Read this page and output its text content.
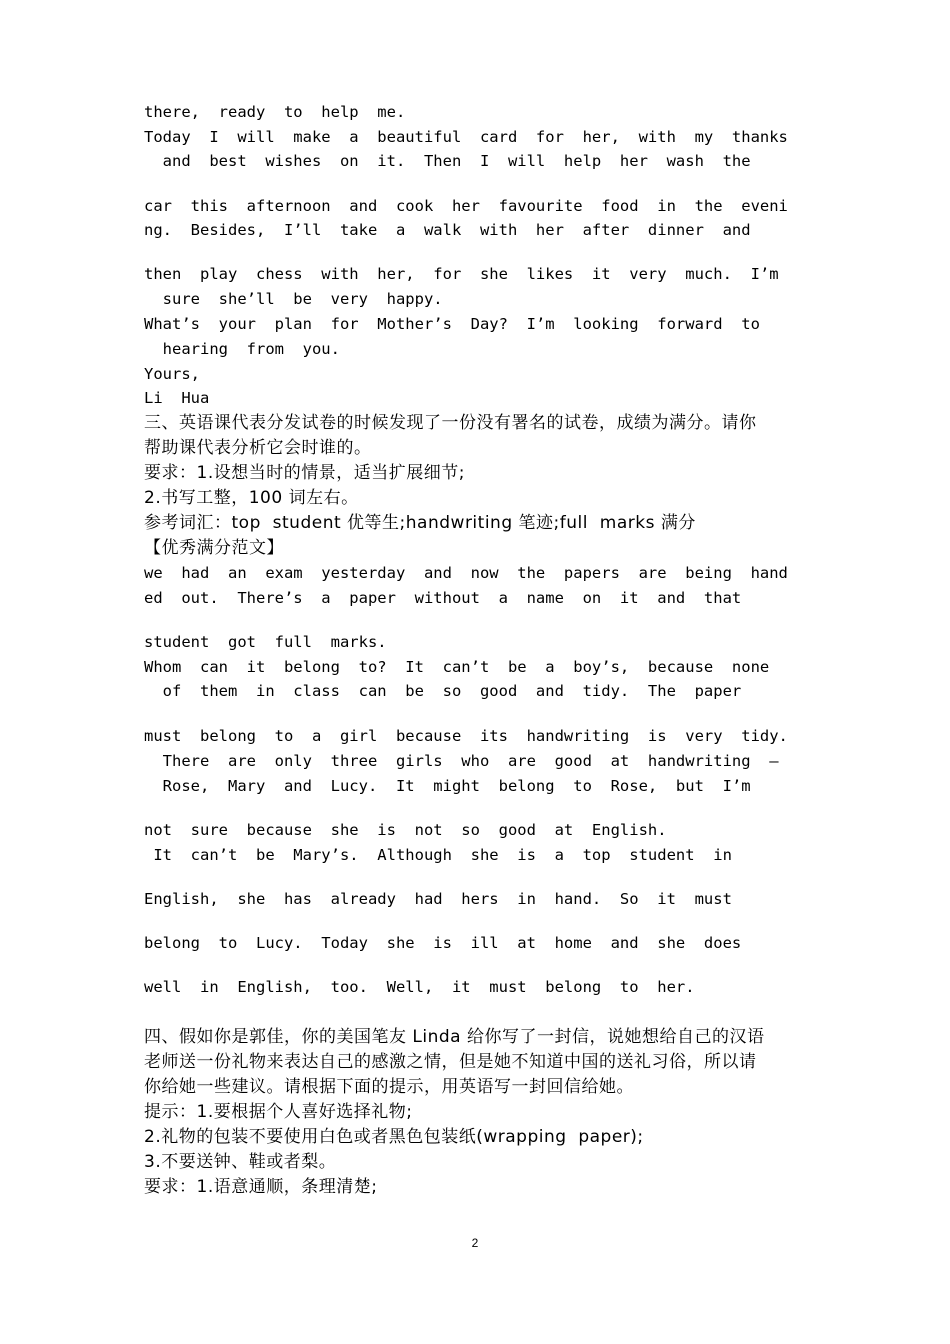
there,  ready  to  help  me.
Today  I  will  make  a  beautiful  card  for  her,  with  my  thanks
and  best  wishes  on  it.  Then  I  will  help  her  wash  the
car  this  afternoon  and  cook  her  favourite  food  in  the  eveni
ng.  Besides,  I’ll  take  a  walk  with  her  after  dinner  and
then  play  chess  with  her,  for  she  likes  it  very  much.  I’m
sure  she’ll  be  very  happy.
What’s  your  plan  for  Mother’s  Day?  I’m  looking  forward  to
hearing  from  you.
Yours,
Li  Hua
三、英语课代表分发试卷的时候发现了一份没有署名的试卷，成绩为满分。请你
帮助课代表分析它会时谁的。
要求：1.设想当时的情景，适当扩展细节;
2.书写工整，100 词左右。
参考词汇：top  student 优等生;handwriting 笔迹;full  marks 满分
【优秀满分范文】
we  had  an  exam  yesterday  and  now  the  papers  are  being  hand
ed  out.  There’s  a  paper  without  a  name  on  it  and  that
student  got  full  marks.
Whom  can  it  belong  to?  It  can’t  be  a  boy’s,  because  none
of  them  in  class  can  be  so  good  and  tidy.  The  paper
must  belong  to  a  girl  because  its  handwriting  is  very  tidy.
There  are  only  three  girls  who  are  good  at  handwriting  —
Rose,  Mary  and  Lucy.  It  might  belong  to  Rose,  but  I’m
not  sure  because  she  is  not  so  good  at  English.
It  can’t  be  Mary’s.  Although  she  is  a  top  student  in
English,  she  has  already  had  hers  in  hand.  So  it  must
belong  to  Lucy.  Today  she  is  ill  at  home  and  she  does
well  in  English,  too.  Well,  it  must  belong  to  her.
四、假如你是郭佳，你的美国笔友 Linda 给你写了一封信，说她想给自己的汉语
老师送一份礼物来表达自己的感激之情，但是她不知道中国的送礼习俗，所以请
你给她一些建议。请根据下面的提示，用英语写一封回信给她。
提示：1.要根据个人喜好选择礼物;
2.礼物的包装不要使用白色或者黑色包装纸(wrapping  paper);
3.不要送钟、鞋或者梨。
要求：1.语意通顺，条理清楚;
2
